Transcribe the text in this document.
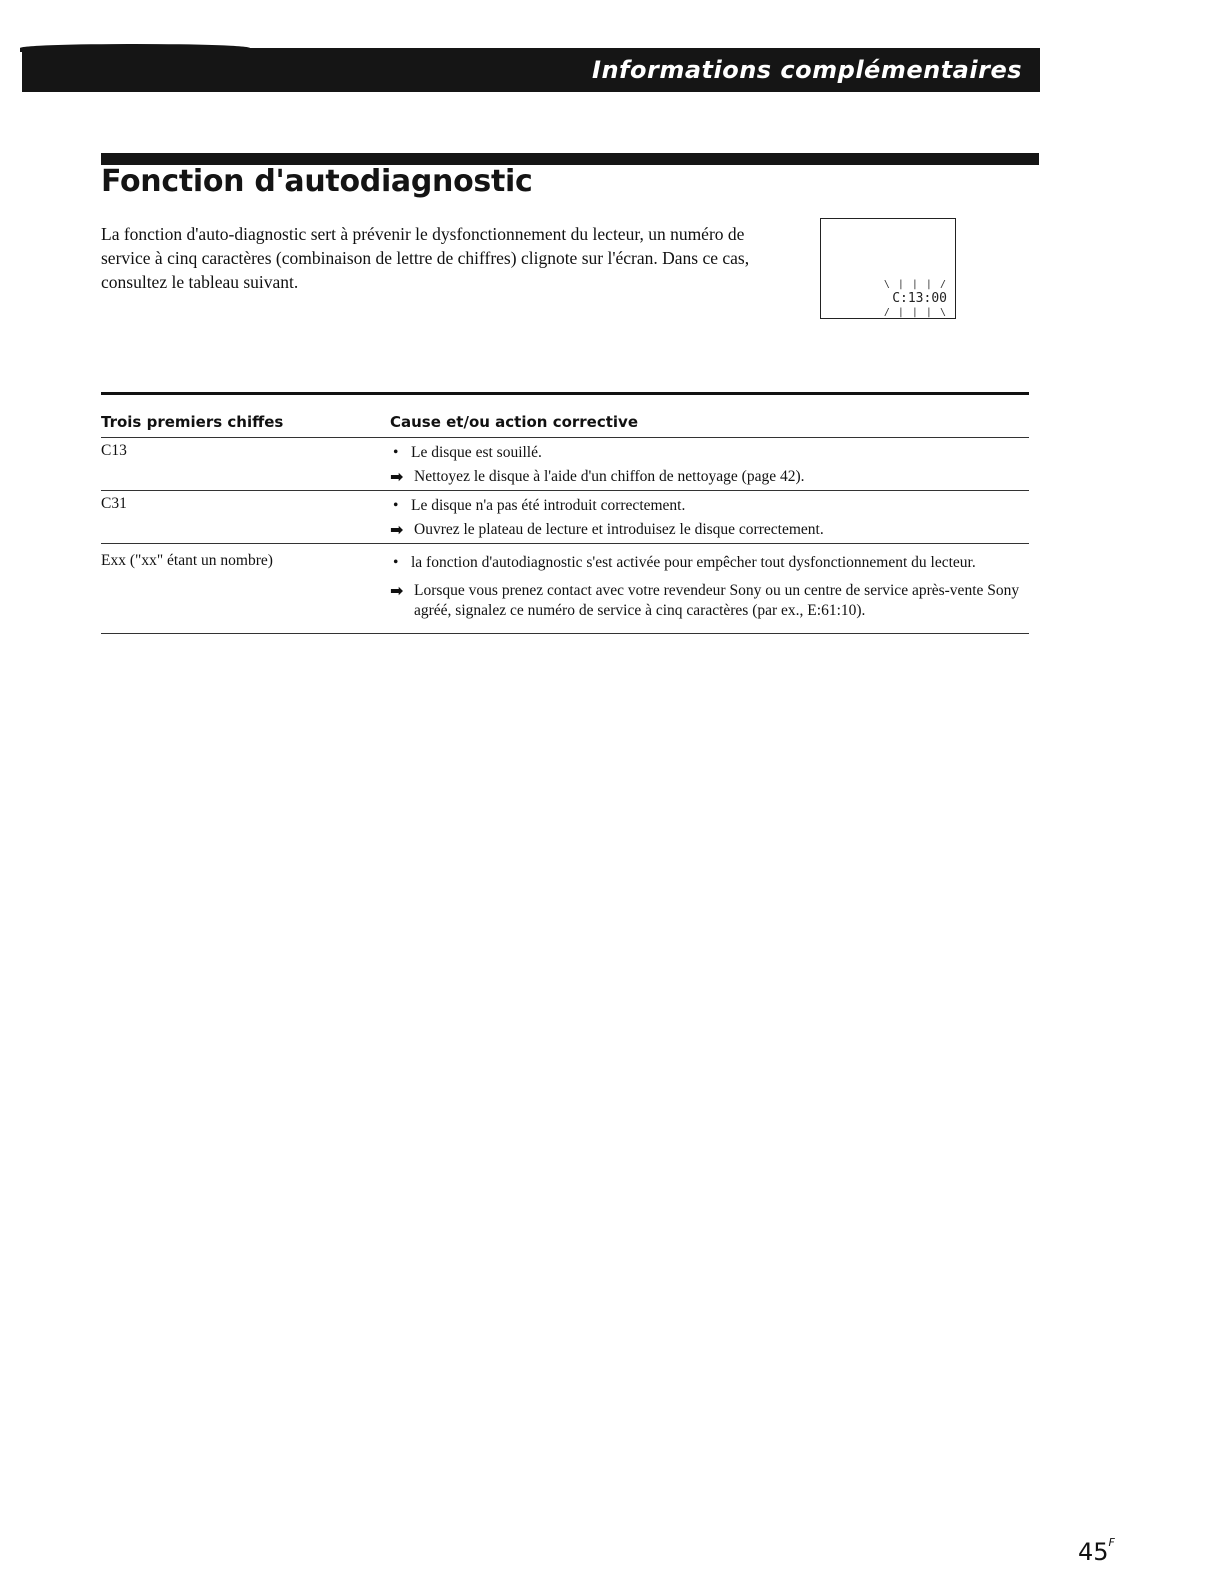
Informations complémentaires
Fonction d'autodiagnostic

La fonction d'auto-diagnostic sert à prévenir le dysfonctionnement du lecteur, un numéro de service à cinq caractères (combinaison de lettre de chiffres) clignote sur l'écran. Dans ce cas, consultez le tableau suivant.	\ | | | /
C:13:00
/ | | | \
Trois premiers chiffes	Cause et/ou action corrective
C13	• Le disque est souillé.
➡ Nettoyez le disque à l'aide d'un chiffon de nettoyage (page 42).
C31	• Le disque n'a pas été introduit correctement.
➡ Ouvrez le plateau de lecture et introduisez le disque correctement.
Exx ("xx" étant un nombre)	• la fonction d'autodiagnostic s'est activée pour empêcher tout dysfonctionnement du lecteur.
➡ Lorsque vous prenez contact avec votre revendeur Sony ou un centre de service après-vente Sony agréé, signalez ce numéro de service à cinq caractères (par ex., E:61:10).
$45^F$
